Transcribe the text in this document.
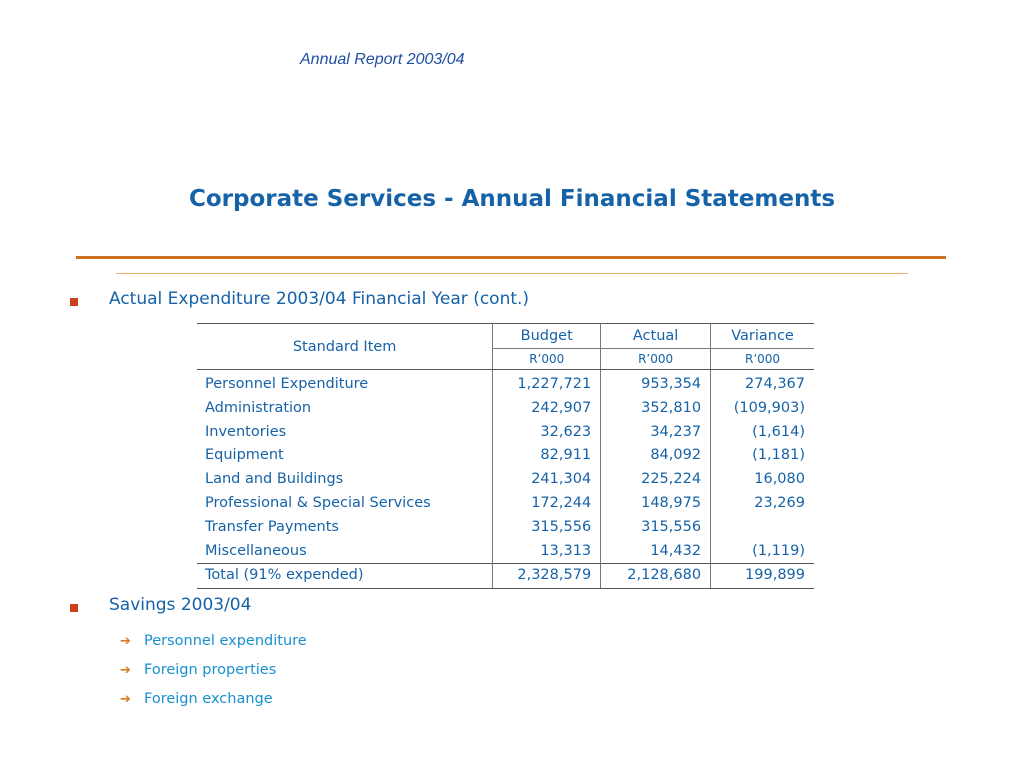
Annual Report 2003/04
Corporate Services - Annual Financial Statements
Actual Expenditure 2003/04 Financial Year (cont.)
Standard Item	Budget	Actual	Variance
	R’000	R’000	R’000
Personnel Expenditure	1,227,721	953,354	274,367
Administration	242,907	352,810	(109,903)
Inventories	32,623	34,237	(1,614)
Equipment	82,911	84,092	(1,181)
Land and Buildings	241,304	225,224	16,080
Professional & Special Services	172,244	148,975	23,269
Transfer Payments	315,556	315,556	
Miscellaneous	13,313	14,432	(1,119)
Total (91% expended)	2,328,579	2,128,680	199,899
Savings 2003/04
➔ Personnel expenditure
➔ Foreign properties
➔ Foreign exchange
